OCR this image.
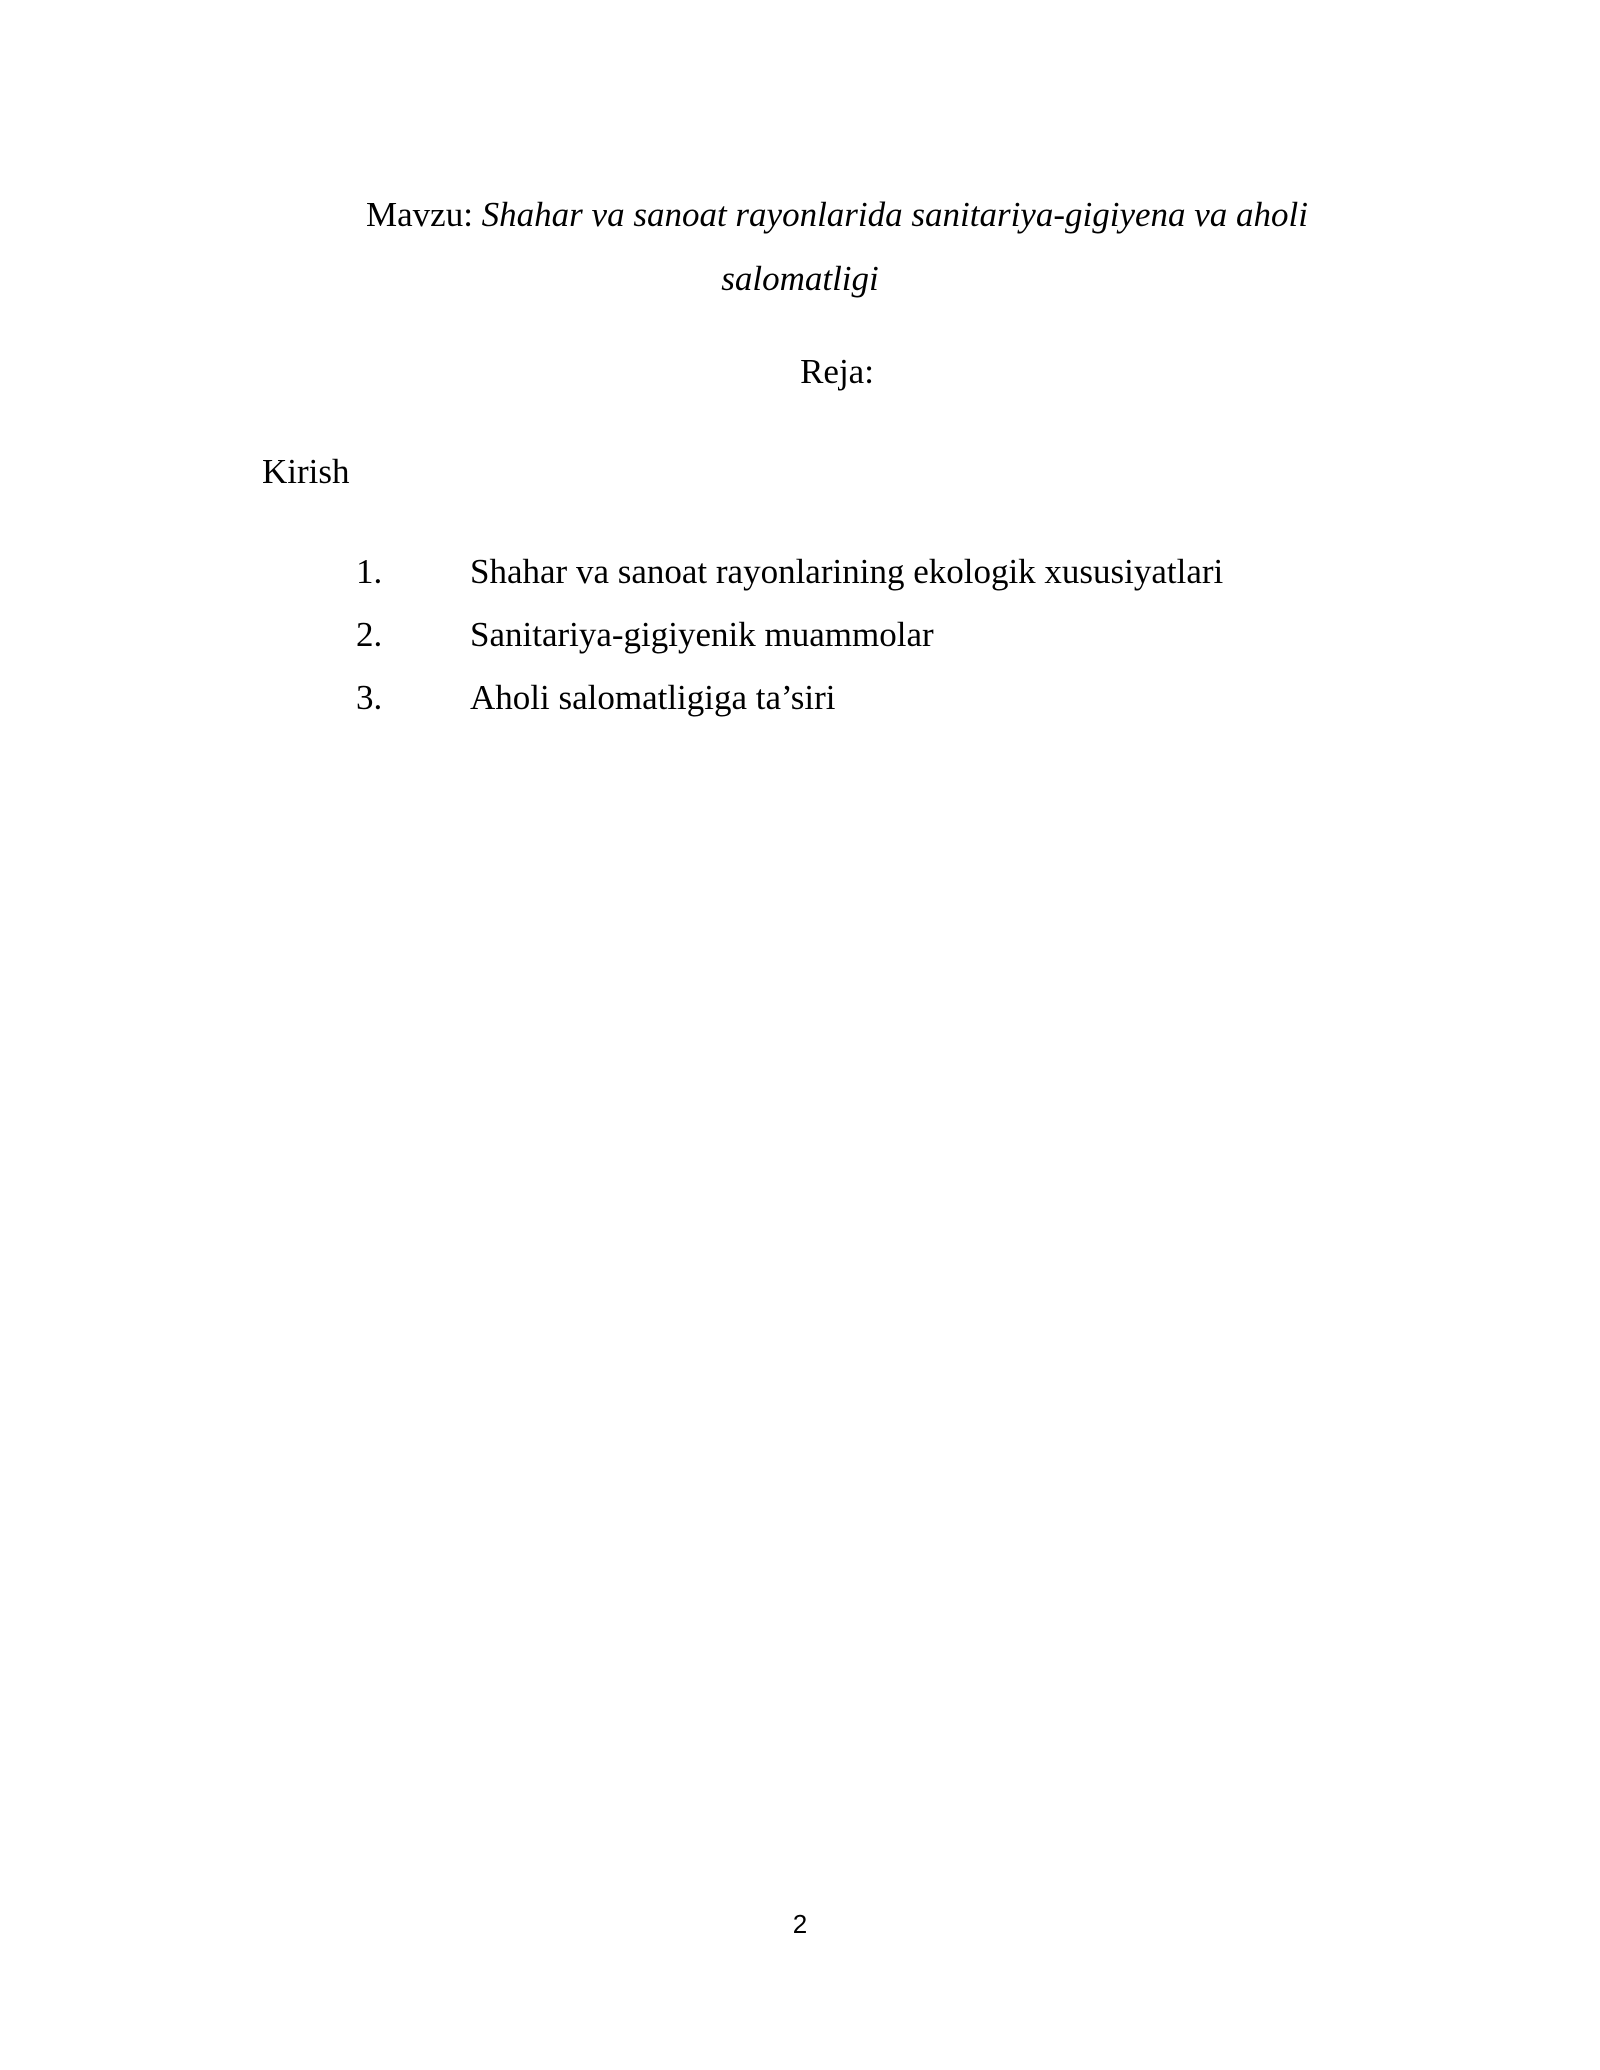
Mavzu: Shahar va sanoat rayonlarida sanitariya-gigiyena va aholi
salomatligi
Reja:
Kirish
1.	Shahar va sanoat rayonlarining ekologik xususiyatlari
2.	Sanitariya-gigiyenik muammolar
3.	Aholi salomatligiga ta’siri
2
